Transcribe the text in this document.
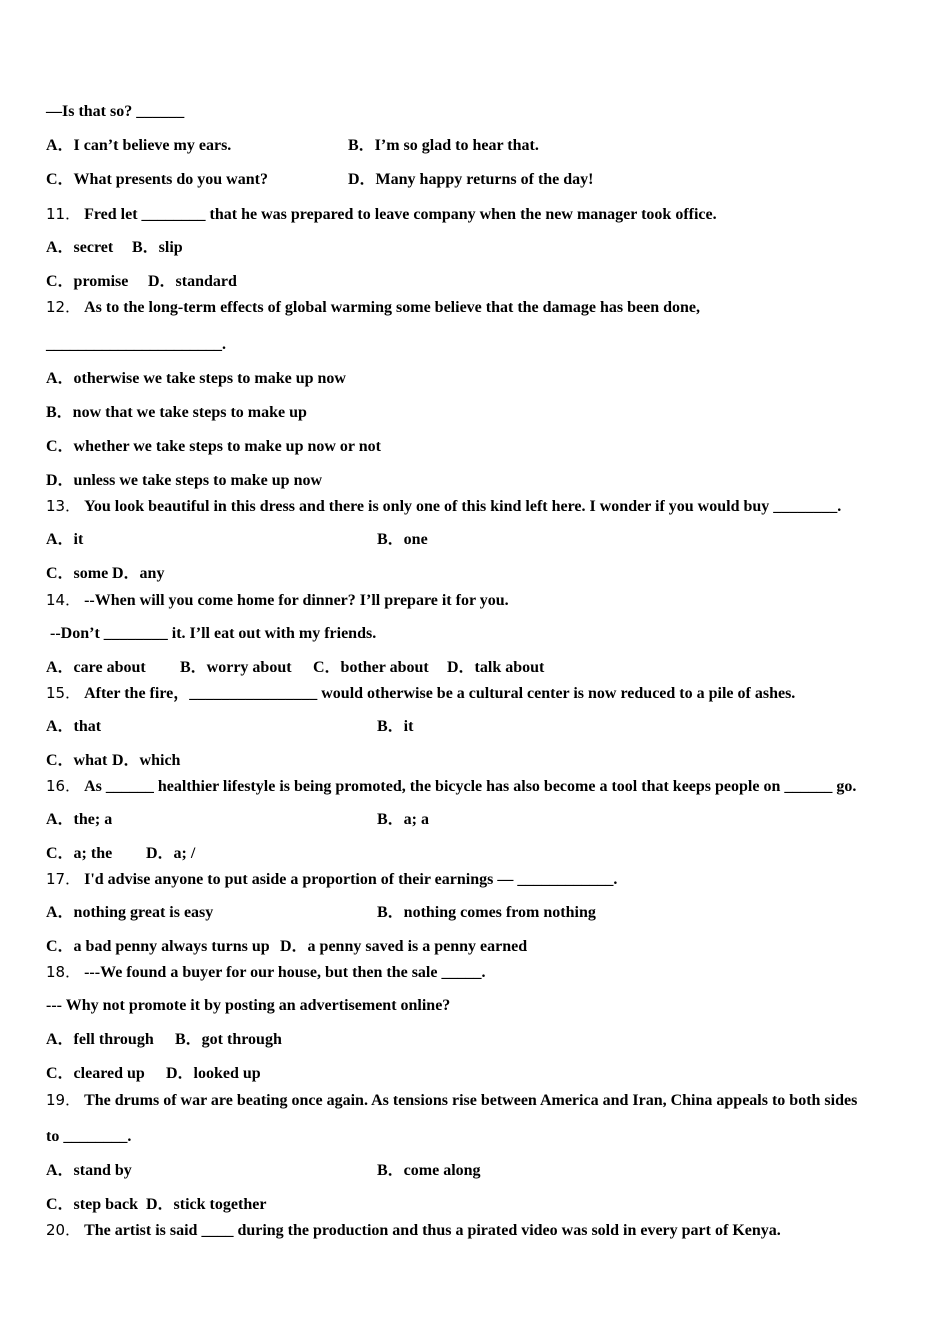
—Is that so? ______
A．I can’t believe my ears.	B．I’m so glad to hear that.
C．What presents do you want?	D．Many happy returns of the day!
11． Fred let ________ that he was prepared to leave company when the new manager took office.
A．secret B．slip
C．promise D．standard
12． As to the long-term effects of global warming some believe that the damage has been done,
______________________.
A．otherwise we take steps to make up now
B．now that we take steps to make up
C．whether we take steps to make up now or not
D．unless we take steps to make up now
13． You look beautiful in this dress and there is only one of this kind left here. I wonder if you would buy ________.
A．it	B．one
C．some D．any
14． --When will you come home for dinner? I’ll prepare it for you.
--Don’t ________ it. I’ll eat out with my friends.
A．care about B．worry about C．bother about D．talk about
15． After the fire，________________ would otherwise be a cultural center is now reduced to a pile of ashes.
A．that	B．it
C．what D．which
16． As ______ healthier lifestyle is being promoted, the bicycle has also become a tool that keeps people on ______ go.
A．the; a	B．a; a
C．a; the D．a; /
17． I'd advise anyone to put aside a proportion of their earnings — ____________.
A．nothing great is easy	B．nothing comes from nothing
C．a bad penny always turns up D．a penny saved is a penny earned
18． ---We found a buyer for our house, but then the sale _____.
--- Why not promote it by posting an advertisement online?
A．fell through B．got through
C．cleared up D．looked up
19． The drums of war are beating once again. As tensions rise between America and Iran, China appeals to both sides
to ________.
A．stand by	B．come along
C．step back D．stick together
20． The artist is said ____ during the production and thus a pirated video was sold in every part of Kenya.
